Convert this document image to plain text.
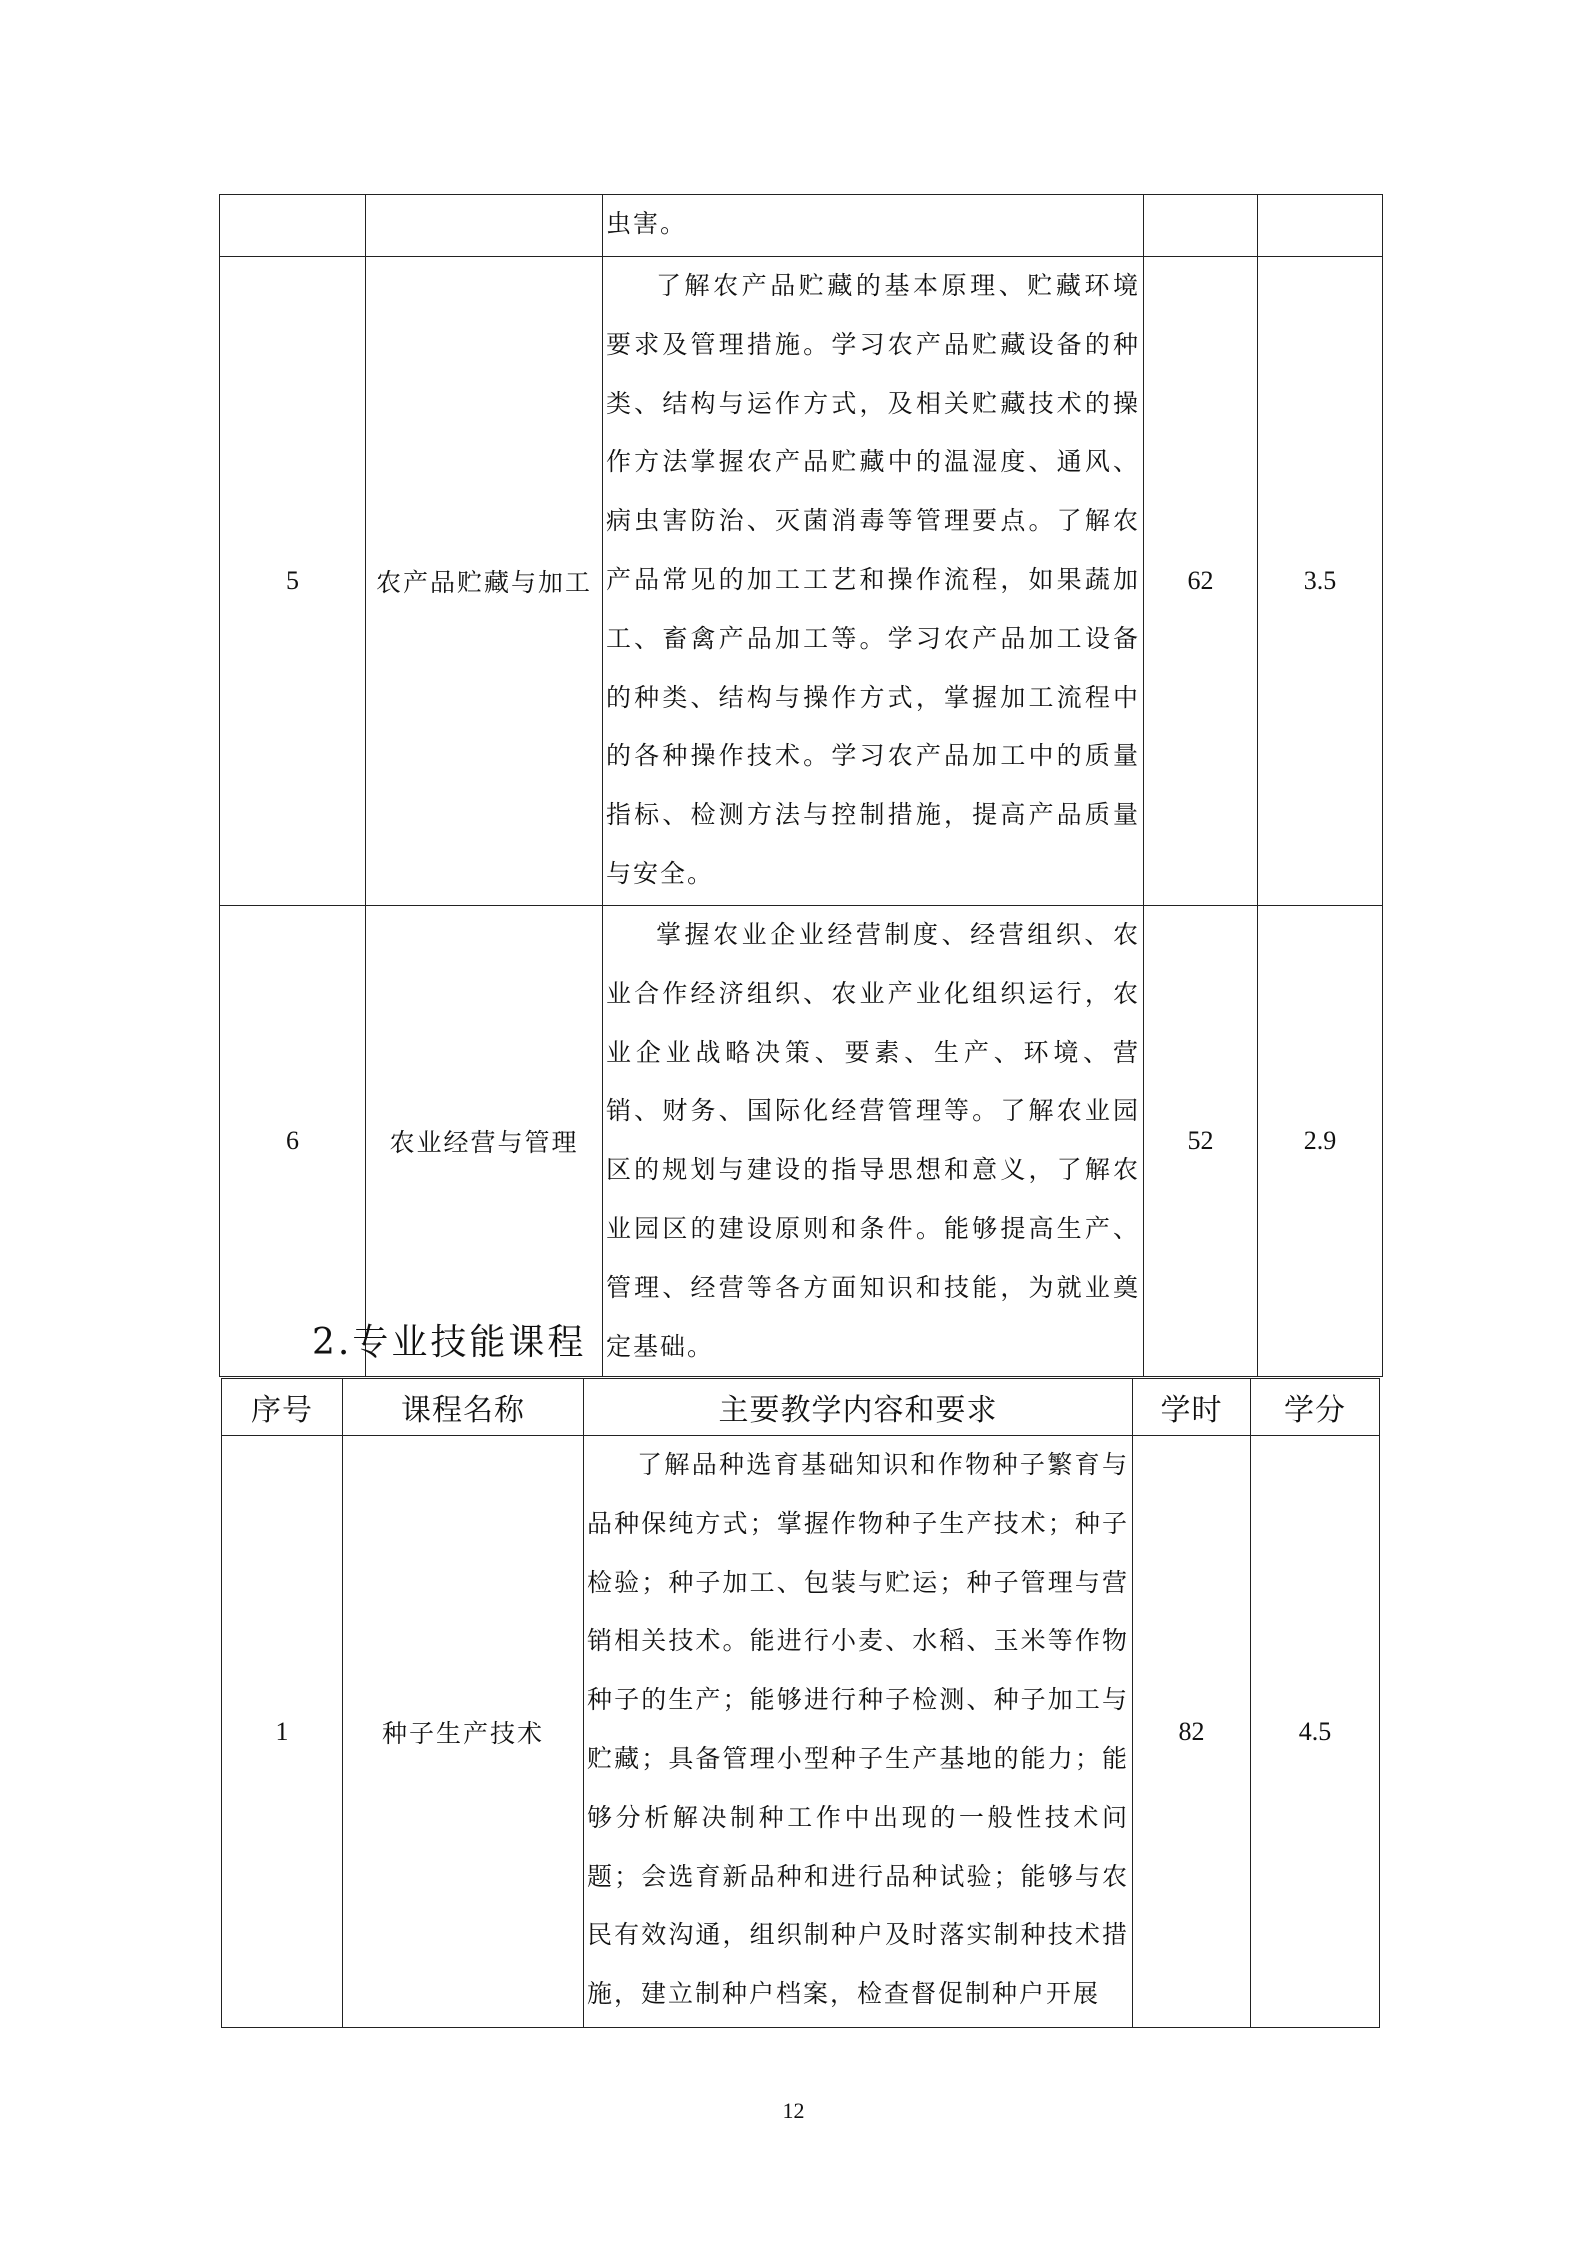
		虫害。		

5	农产品贮藏与加工	了解农产品贮藏的基本原理、贮藏环境要求及管理措施。学习农产品贮藏设备的种类、结构与运作方式，及相关贮藏技术的操作方法掌握农产品贮藏中的温湿度、通风、病虫害防治、灭菌消毒等管理要点。了解农产品常见的加工工艺和操作流程，如果蔬加工、畜禽产品加工等。学习农产品加工设备的种类、结构与操作方式，掌握加工流程中的各种操作技术。学习农产品加工中的质量指标、检测方法与控制措施，提高产品质量与安全。	62	3.5
6	农业经营与管理	掌握农业企业经营制度、经营组织、农业合作经济组织、农业产业化组织运行，农业企业战略决策、要素、生产、环境、营销、财务、国际化经营管理等。了解农业园区的规划与建设的指导思想和意义，了解农业园区的建设原则和条件。能够提高生产、管理、经营等各方面知识和技能，为就业奠定基础。	52	2.9
2.专业技能课程
序号	课程名称	主要教学内容和要求	学时	学分
1	种子生产技术	了解品种选育基础知识和作物种子繁育与品种保纯方式；掌握作物种子生产技术；种子检验；种子加工、包装与贮运；种子管理与营销相关技术。能进行小麦、水稻、玉米等作物种子的生产；能够进行种子检测、种子加工与贮藏；具备管理小型种子生产基地的能力；能够分析解决制种工作中出现的一般性技术问题；会选育新品种和进行品种试验；能够与农民有效沟通，组织制种户及时落实制种技术措施，建立制种户档案，检查督促制种户开展	82	4.5
12
